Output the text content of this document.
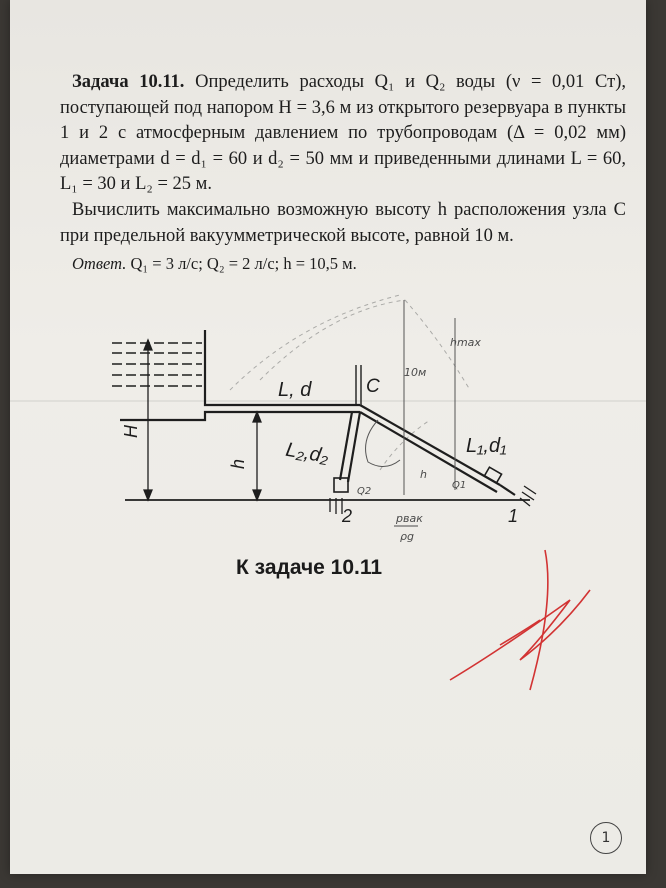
Задача 10.11. Определить расходы Q₁ и Q₂ воды (ν = 0,01 Ст), поступающей под напором H = 3,6 м из открытого резервуара в пункты 1 и 2 с атмосферным давлением по трубопроводам (Δ = 0,02 мм) диаметрами d = d₁ = 60 и d₂ = 50 мм и приведенными длинами L = 60, L₁ = 30 и L₂ = 25 м.

Вычислить максимально возможную высоту h расположения узла C при предельной вакуумметрической высоте, равной 10 м.

Ответ. Q₁ = 3 л/с; Q₂ = 2 л/с; h = 10,5 м.

H
h
L, d	C
L₂,d₂	L₁,d₁
2	1
hmax
10м
h
Q1
Q2
pвак
ρg
К задаче 10.11
1
